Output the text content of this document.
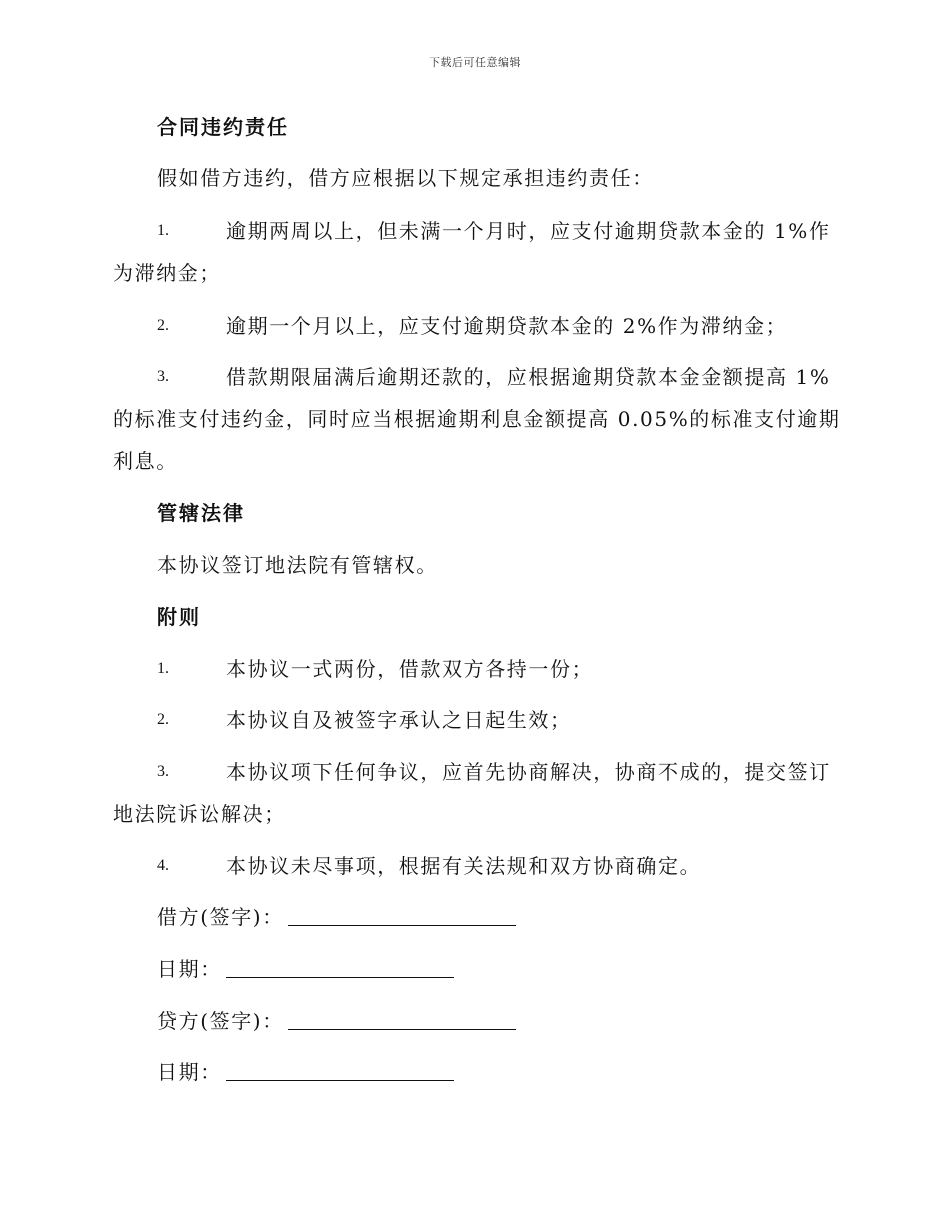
下载后可任意编辑
合同违约责任
假如借方违约，借方应根据以下规定承担违约责任：
1.	逾期两周以上，但未满一个月时，应支付逾期贷款本金的 1%作
为滞纳金；
2.	逾期一个月以上，应支付逾期贷款本金的 2%作为滞纳金；
3.	借款期限届满后逾期还款的，应根据逾期贷款本金金额提高 1%
的标准支付违约金，同时应当根据逾期利息金额提高 0.05%的标准支付逾期
利息。
管辖法律
本协议签订地法院有管辖权。
附则
1.	本协议一式两份，借款双方各持一份；
2.	本协议自及被签字承认之日起生效；
3.	本协议项下任何争议，应首先协商解决，协商不成的，提交签订
地法院诉讼解决；
4.	本协议未尽事项，根据有关法规和双方协商确定。
借方(签字)：
日期：
贷方(签字)：
日期：
